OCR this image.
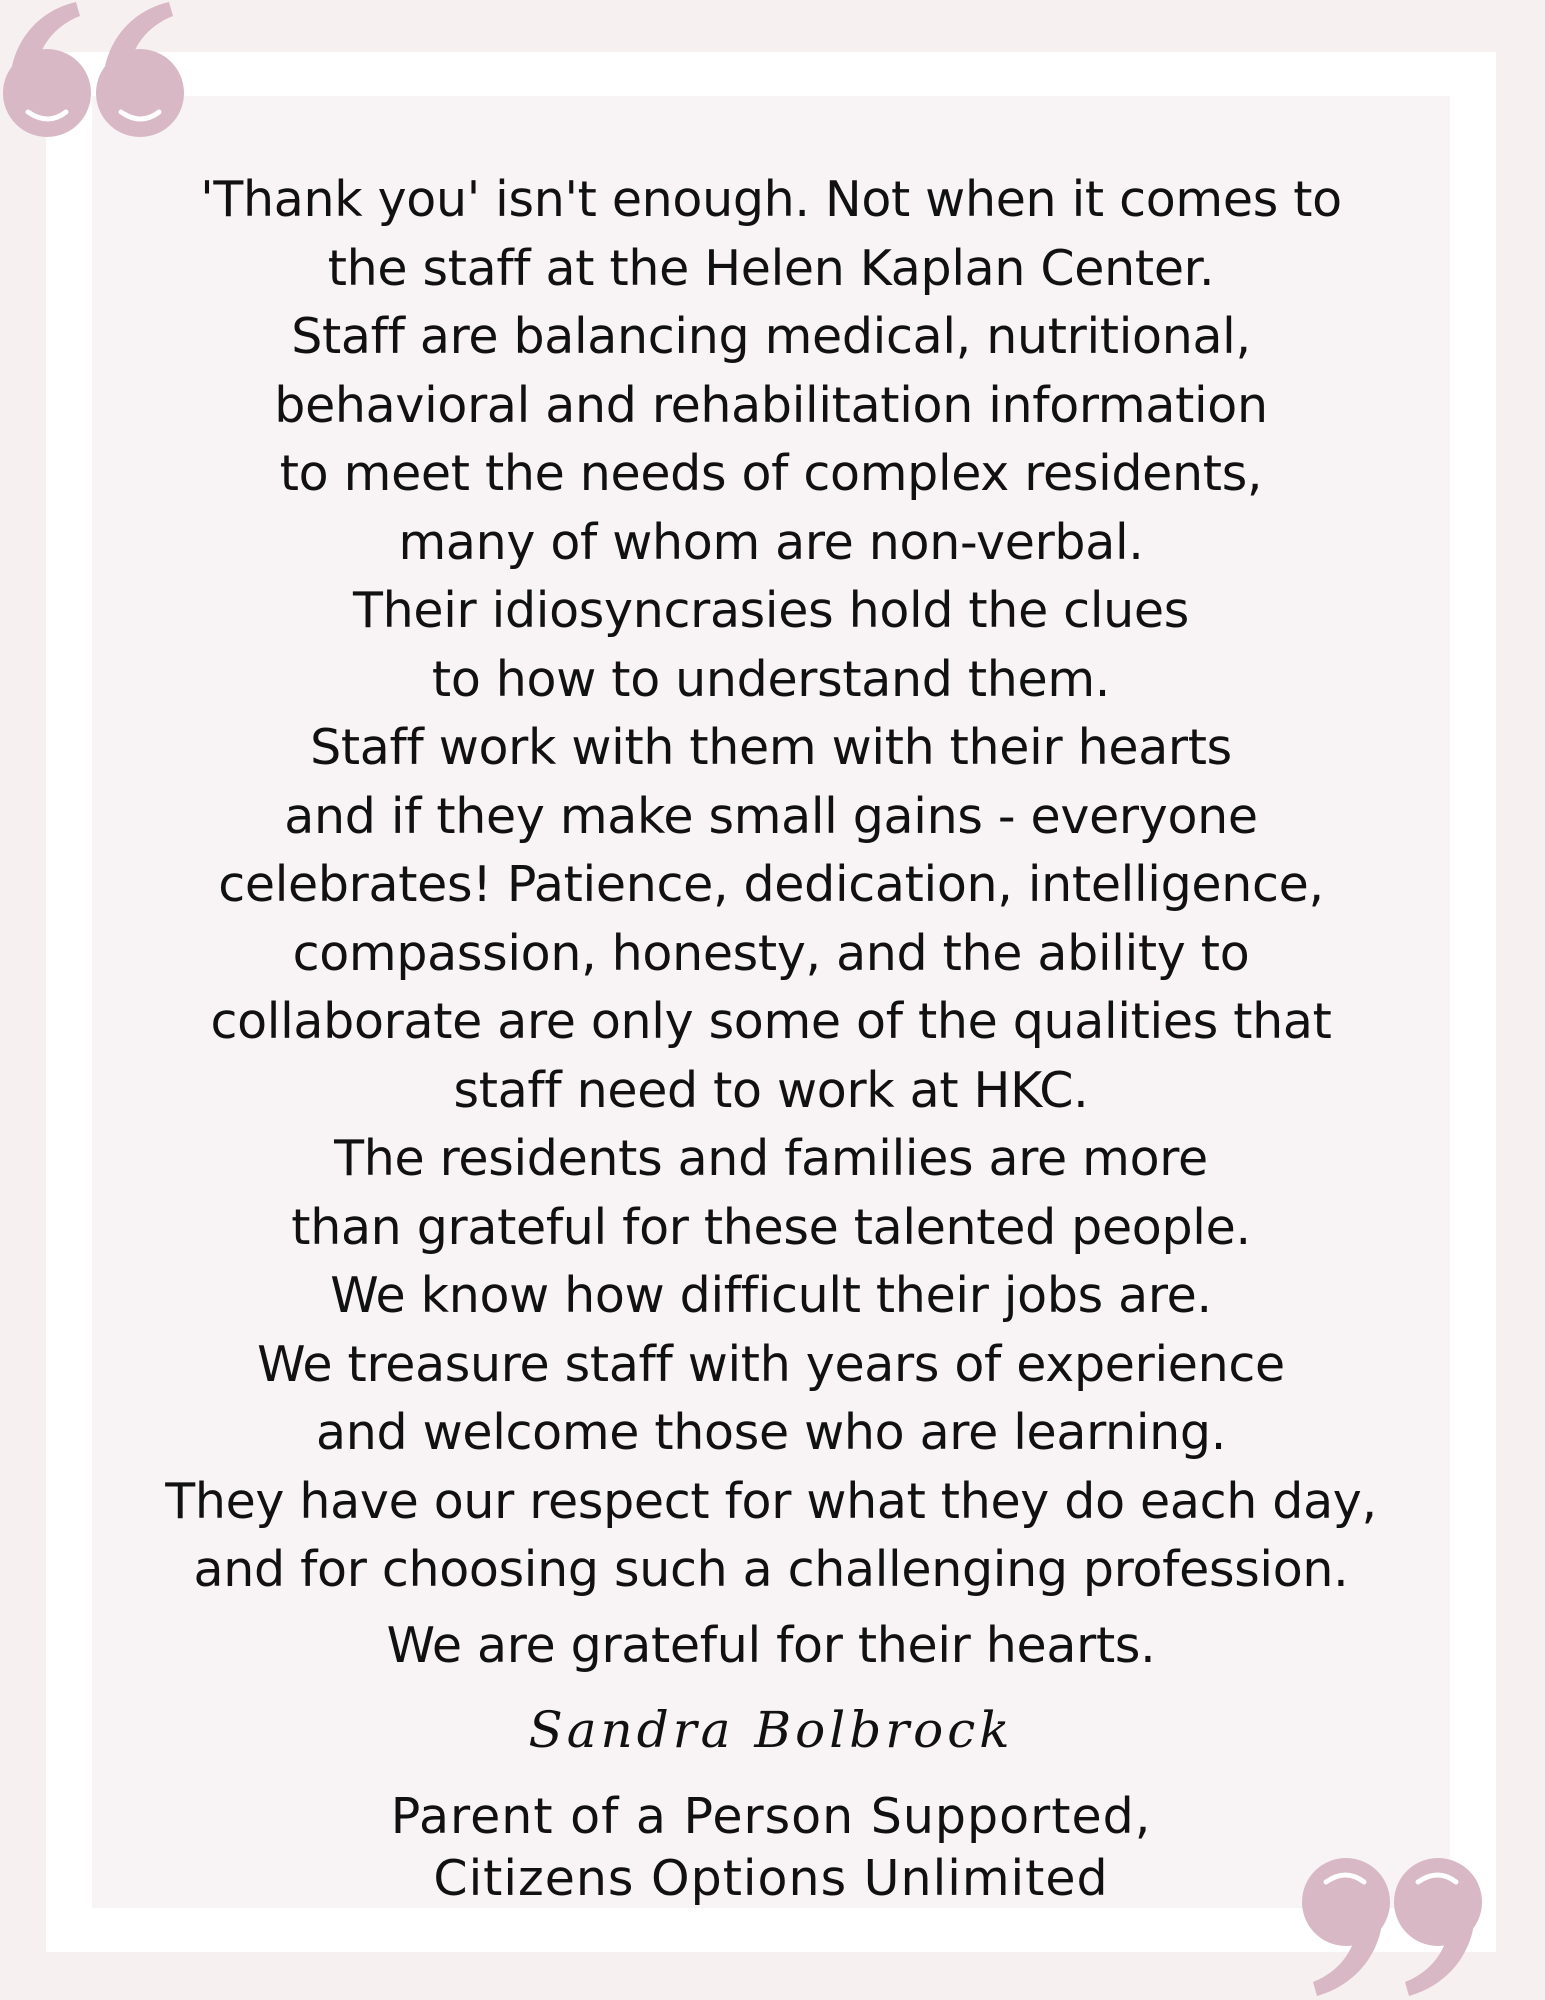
'Thank you' isn't enough. Not when it comes to
the staff at the Helen Kaplan Center.
Staff are balancing medical, nutritional,
behavioral and rehabilitation information
to meet the needs of complex residents,
many of whom are non-verbal.
Their idiosyncrasies hold the clues
to how to understand them.
Staff work with them with their hearts
and if they make small gains - everyone
celebrates! Patience, dedication, intelligence,
compassion, honesty, and the ability to
collaborate are only some of the qualities that
staff need to work at HKC.
The residents and families are more
than grateful for these talented people.
We know how difficult their jobs are.
We treasure staff with years of experience
and welcome those who are learning.
They have our respect for what they do each day,
and for choosing such a challenging profession.
We are grateful for their hearts.
Sandra Bolbrock
Parent of a Person Supported,
Citizens Options Unlimited
